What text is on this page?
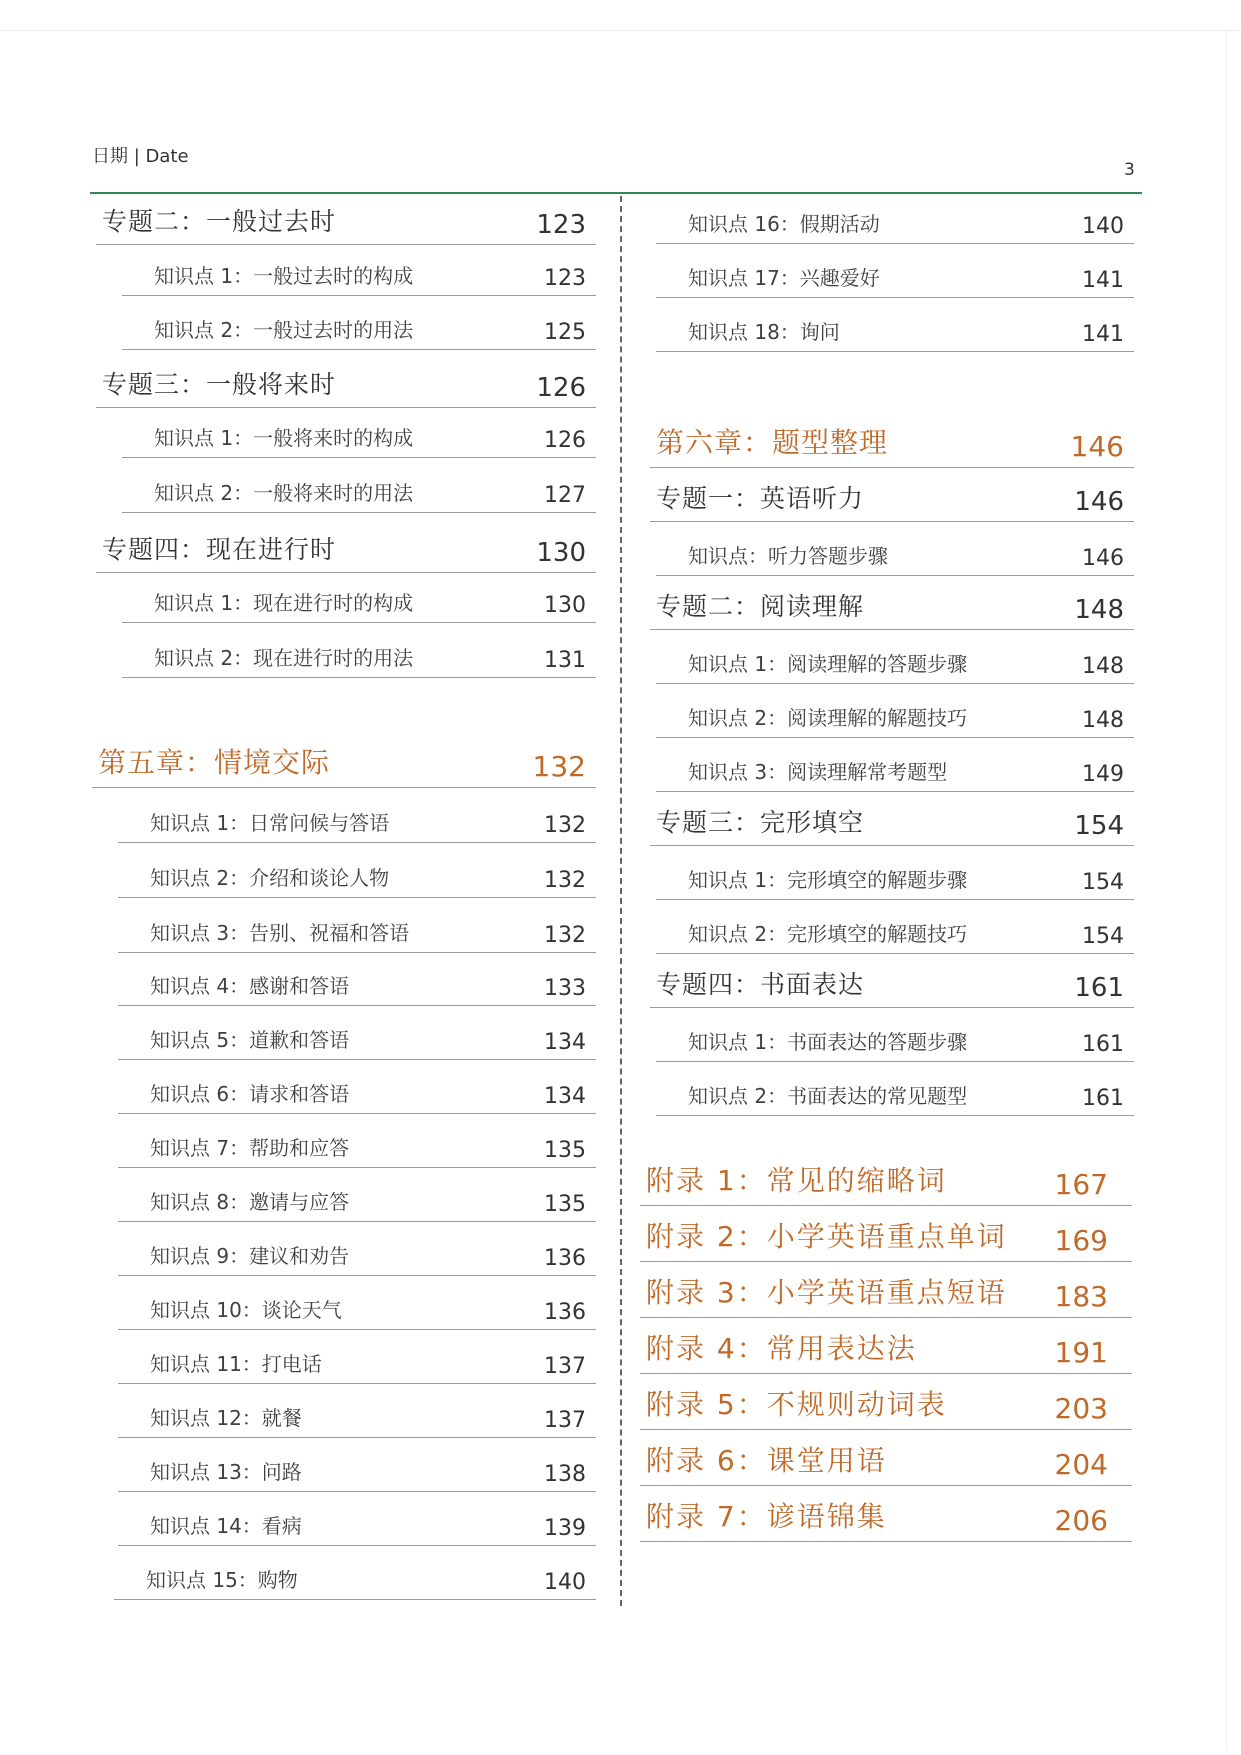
日期 | Date
3
专题二：一般过去时	123
知识点 1：一般过去时的构成	123
知识点 2：一般过去时的用法	125
专题三：一般将来时	126
知识点 1：一般将来时的构成	126
知识点 2：一般将来时的用法	127
专题四：现在进行时	130
知识点 1：现在进行时的构成	130
知识点 2：现在进行时的用法	131
第五章：情境交际	132
知识点 1：日常问候与答语	132
知识点 2：介绍和谈论人物	132
知识点 3：告别、祝福和答语	132
知识点 4：感谢和答语	133
知识点 5：道歉和答语	134
知识点 6：请求和答语	134
知识点 7：帮助和应答	135
知识点 8：邀请与应答	135
知识点 9：建议和劝告	136
知识点 10：谈论天气	136
知识点 11：打电话	137
知识点 12：就餐	137
知识点 13：问路	138
知识点 14：看病	139
知识点 15：购物	140
知识点 16：假期活动	140
知识点 17：兴趣爱好	141
知识点 18：询问	141
第六章：题型整理	146
专题一：英语听力	146
知识点：听力答题步骤	146
专题二：阅读理解	148
知识点 1：阅读理解的答题步骤	148
知识点 2：阅读理解的解题技巧	148
知识点 3：阅读理解常考题型	149
专题三：完形填空	154
知识点 1：完形填空的解题步骤	154
知识点 2：完形填空的解题技巧	154
专题四：书面表达	161
知识点 1：书面表达的答题步骤	161
知识点 2：书面表达的常见题型	161
附录 1：常见的缩略词	167
附录 2：小学英语重点单词 169
附录 3：小学英语重点短语 183
附录 4：常用表达法	191
附录 5：不规则动词表	203
附录 6：课堂用语	204
附录 7：谚语锦集	206
